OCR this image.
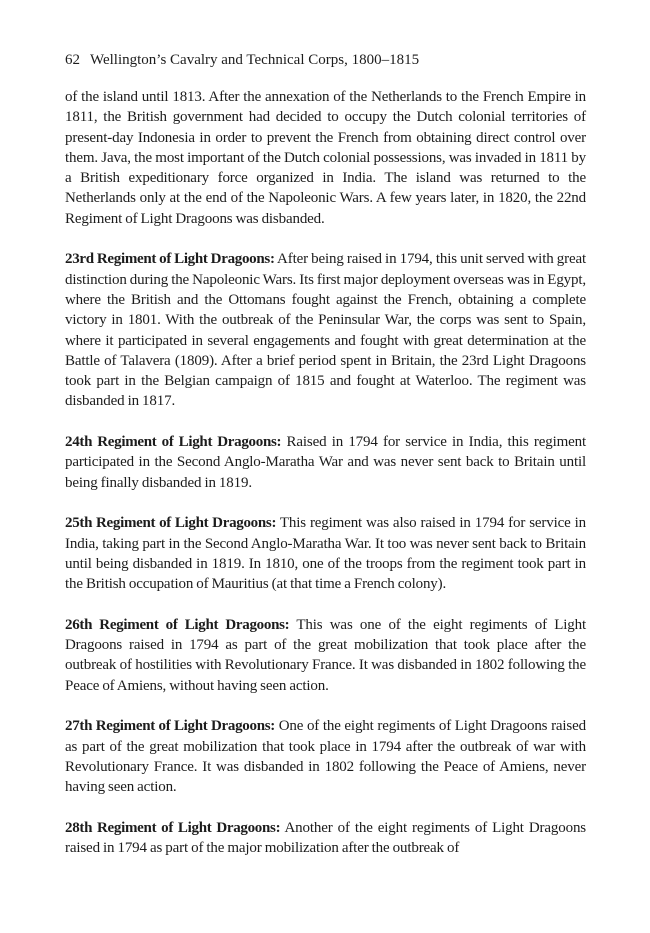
62 Wellington’s Cavalry and Technical Corps, 1800–1815

of the island until 1813. After the annexation of the Netherlands to the French Empire in 1811, the British government had decided to occupy the Dutch colonial territories of present-day Indonesia in order to prevent the French from obtaining direct control over them. Java, the most important of the Dutch colonial possessions, was invaded in 1811 by a British expeditionary force organized in India. The island was returned to the Netherlands only at the end of the Napoleonic Wars. A few years later, in 1820, the 22nd Regiment of Light Dragoons was disbanded.

23rd Regiment of Light Dragoons: After being raised in 1794, this unit served with great distinction during the Napoleonic Wars. Its first major deployment overseas was in Egypt, where the British and the Ottomans fought against the French, obtaining a complete victory in 1801. With the outbreak of the Peninsular War, the corps was sent to Spain, where it participated in several engagements and fought with great determination at the Battle of Talavera (1809). After a brief period spent in Britain, the 23rd Light Dragoons took part in the Belgian campaign of 1815 and fought at Waterloo. The regiment was disbanded in 1817.

24th Regiment of Light Dragoons: Raised in 1794 for service in India, this regiment participated in the Second Anglo-Maratha War and was never sent back to Britain until being finally disbanded in 1819.

25th Regiment of Light Dragoons: This regiment was also raised in 1794 for service in India, taking part in the Second Anglo-Maratha War. It too was never sent back to Britain until being disbanded in 1819. In 1810, one of the troops from the regiment took part in the British occupation of Mauritius (at that time a French colony).

26th Regiment of Light Dragoons: This was one of the eight regiments of Light Dragoons raised in 1794 as part of the great mobilization that took place after the outbreak of hostilities with Revolutionary France. It was disbanded in 1802 following the Peace of Amiens, without having seen action.

27th Regiment of Light Dragoons: One of the eight regiments of Light Dragoons raised as part of the great mobilization that took place in 1794 after the outbreak of war with Revolutionary France. It was disbanded in 1802 following the Peace of Amiens, never having seen action.

28th Regiment of Light Dragoons: Another of the eight regiments of Light Dragoons raised in 1794 as part of the major mobilization after the outbreak of
